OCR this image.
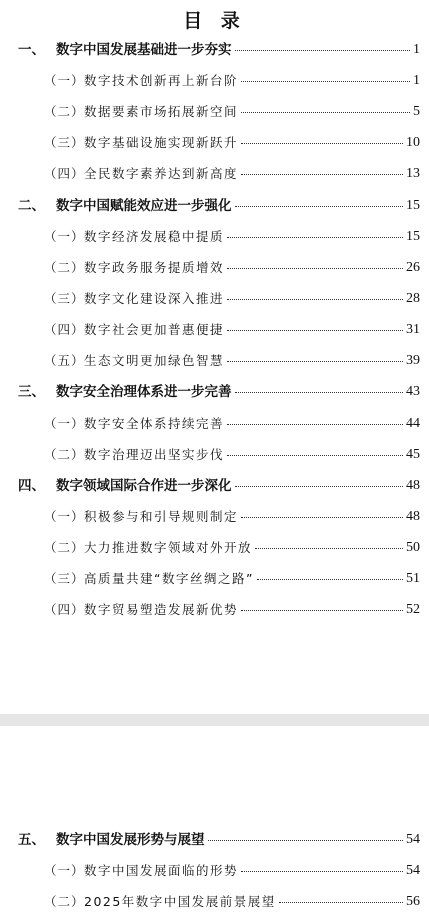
目 录
一、 数字中国发展基础进一步夯实	1
（一） 数字技术创新再上新台阶	1
（二） 数据要素市场拓展新空间	5
（三） 数字基础设施实现新跃升	10
（四） 全民数字素养达到新高度	13
二、 数字中国赋能效应进一步强化	15
（一） 数字经济发展稳中提质	15
（二） 数字政务服务提质增效	26
（三） 数字文化建设深入推进	28
（四） 数字社会更加普惠便捷	31
（五） 生态文明更加绿色智慧	39
三、 数字安全治理体系进一步完善	43
（一） 数字安全体系持续完善	44
（二） 数字治理迈出坚实步伐	45
四、 数字领域国际合作进一步深化	48
（一） 积极参与和引导规则制定	48
（二） 大力推进数字领域对外开放	50
（三） 高质量共建“数字丝绸之路”	51
（四） 数字贸易塑造发展新优势	52
五、 数字中国发展形势与展望	54
（一） 数字中国发展面临的形势	54
（二） 2025年数字中国发展前景展望	56
